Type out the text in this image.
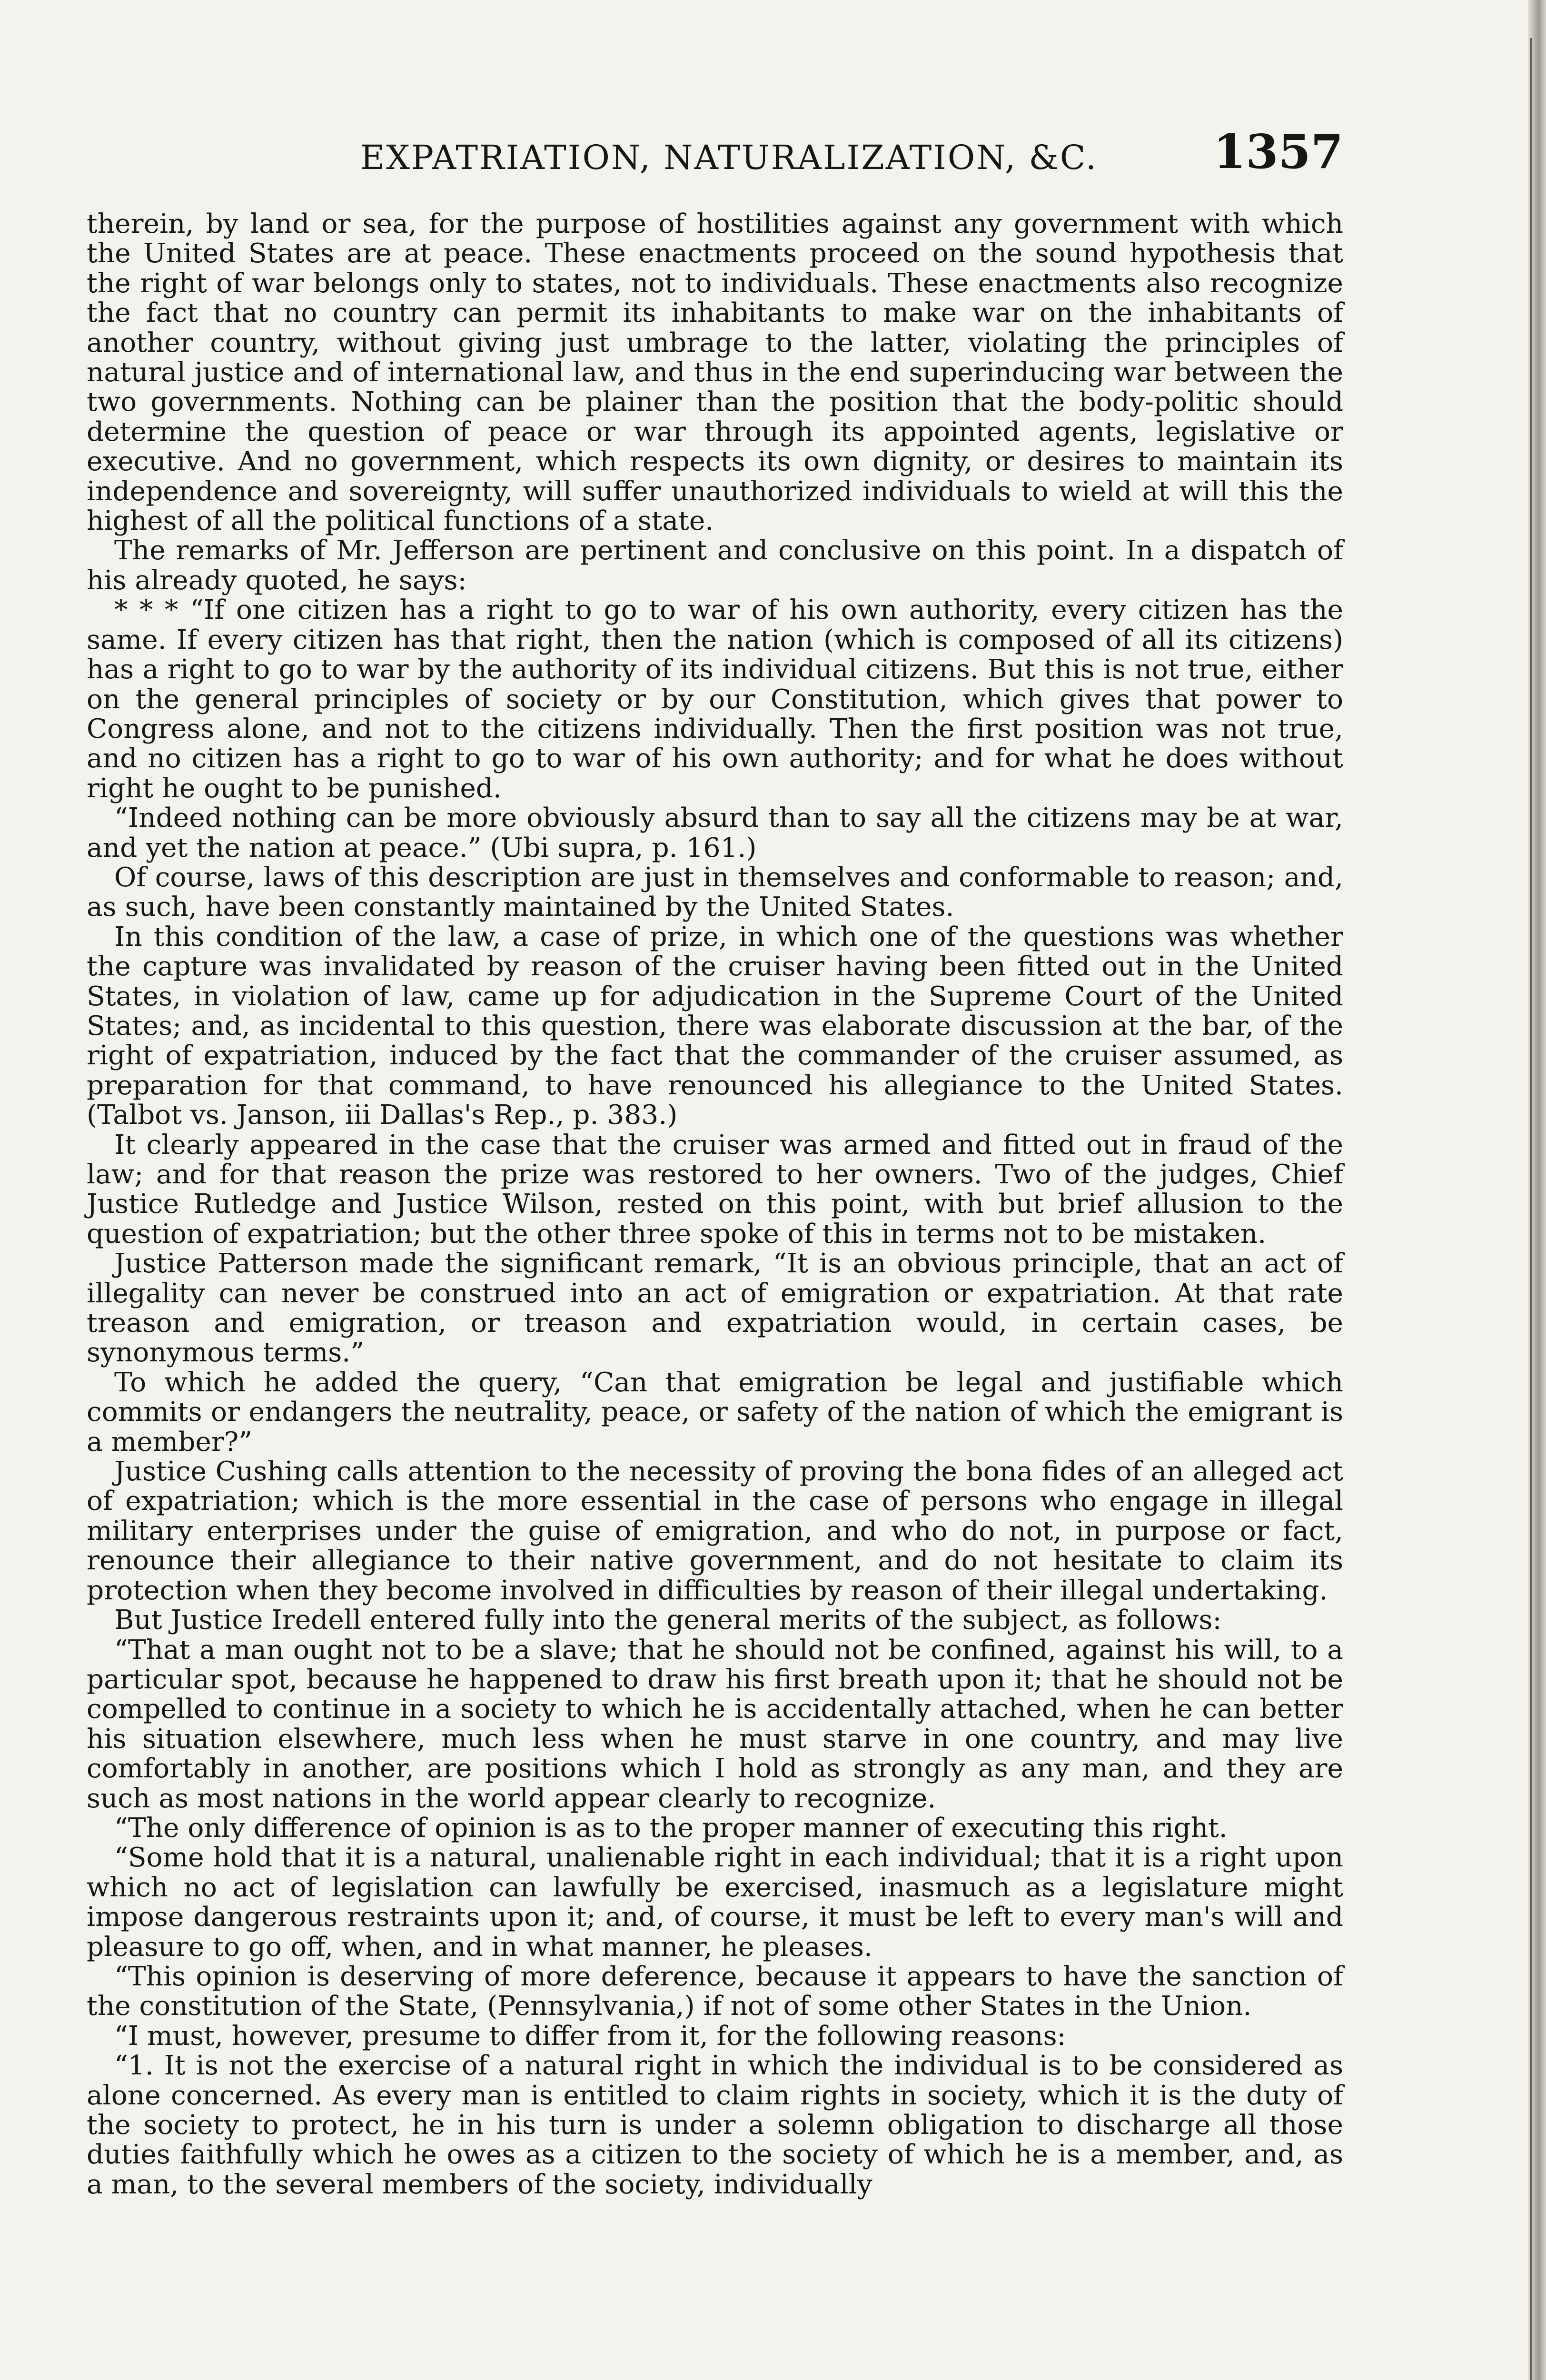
EXPATRIATION, NATURALIZATION, &C. 1357

therein, by land or sea, for the purpose of hostilities against any government with which the United States are at peace. These enactments proceed on the sound hypothesis that the right of war belongs only to states, not to individuals. These enactments also recognize the fact that no country can permit its inhabitants to make war on the inhabitants of another country, without giving just umbrage to the latter, violating the principles of natural justice and of international law, and thus in the end superinducing war between the two governments. Nothing can be plainer than the position that the body-politic should determine the question of peace or war through its appointed agents, legislative or executive. And no government, which respects its own dignity, or desires to maintain its independence and sovereignty, will suffer unauthorized individuals to wield at will this the highest of all the political functions of a state.

The remarks of Mr. Jefferson are pertinent and conclusive on this point. In a dispatch of his already quoted, he says:

* * * “If one citizen has a right to go to war of his own authority, every citizen has the same. If every citizen has that right, then the nation (which is composed of all its citizens) has a right to go to war by the authority of its individual citizens. But this is not true, either on the general principles of society or by our Constitution, which gives that power to Congress alone, and not to the citizens individually. Then the first position was not true, and no citizen has a right to go to war of his own authority; and for what he does without right he ought to be punished.

“Indeed nothing can be more obviously absurd than to say all the citizens may be at war, and yet the nation at peace.” (Ubi supra, p. 161.)

Of course, laws of this description are just in themselves and conformable to reason; and, as such, have been constantly maintained by the United States.

In this condition of the law, a case of prize, in which one of the questions was whether the capture was invalidated by reason of the cruiser having been fitted out in the United States, in violation of law, came up for adjudication in the Supreme Court of the United States; and, as incidental to this question, there was elaborate discussion at the bar, of the right of expatriation, induced by the fact that the commander of the cruiser assumed, as preparation for that command, to have renounced his allegiance to the United States. (Talbot vs. Janson, iii Dallas's Rep., p. 383.)

It clearly appeared in the case that the cruiser was armed and fitted out in fraud of the law; and for that reason the prize was restored to her owners. Two of the judges, Chief Justice Rutledge and Justice Wilson, rested on this point, with but brief allusion to the question of expatriation; but the other three spoke of this in terms not to be mistaken.

Justice Patterson made the significant remark, “It is an obvious principle, that an act of illegality can never be construed into an act of emigration or expatriation. At that rate treason and emigration, or treason and expatriation would, in certain cases, be synonymous terms.”

To which he added the query, “Can that emigration be legal and justifiable which commits or endangers the neutrality, peace, or safety of the nation of which the emigrant is a member?”

Justice Cushing calls attention to the necessity of proving the bona fides of an alleged act of expatriation; which is the more essential in the case of persons who engage in illegal military enterprises under the guise of emigration, and who do not, in purpose or fact, renounce their allegiance to their native government, and do not hesitate to claim its protection when they become involved in difficulties by reason of their illegal undertaking.

But Justice Iredell entered fully into the general merits of the subject, as follows:

“That a man ought not to be a slave; that he should not be confined, against his will, to a particular spot, because he happened to draw his first breath upon it; that he should not be compelled to continue in a society to which he is accidentally attached, when he can better his situation elsewhere, much less when he must starve in one country, and may live comfortably in another, are positions which I hold as strongly as any man, and they are such as most nations in the world appear clearly to recognize.

“The only difference of opinion is as to the proper manner of executing this right.

“Some hold that it is a natural, unalienable right in each individual; that it is a right upon which no act of legislation can lawfully be exercised, inasmuch as a legislature might impose dangerous restraints upon it; and, of course, it must be left to every man's will and pleasure to go off, when, and in what manner, he pleases.

“This opinion is deserving of more deference, because it appears to have the sanction of the constitution of the State, (Pennsylvania,) if not of some other States in the Union.

“I must, however, presume to differ from it, for the following reasons:

“1. It is not the exercise of a natural right in which the individual is to be considered as alone concerned. As every man is entitled to claim rights in society, which it is the duty of the society to protect, he in his turn is under a solemn obligation to discharge all those duties faithfully which he owes as a citizen to the society of which he is a member, and, as a man, to the several members of the society, individually
